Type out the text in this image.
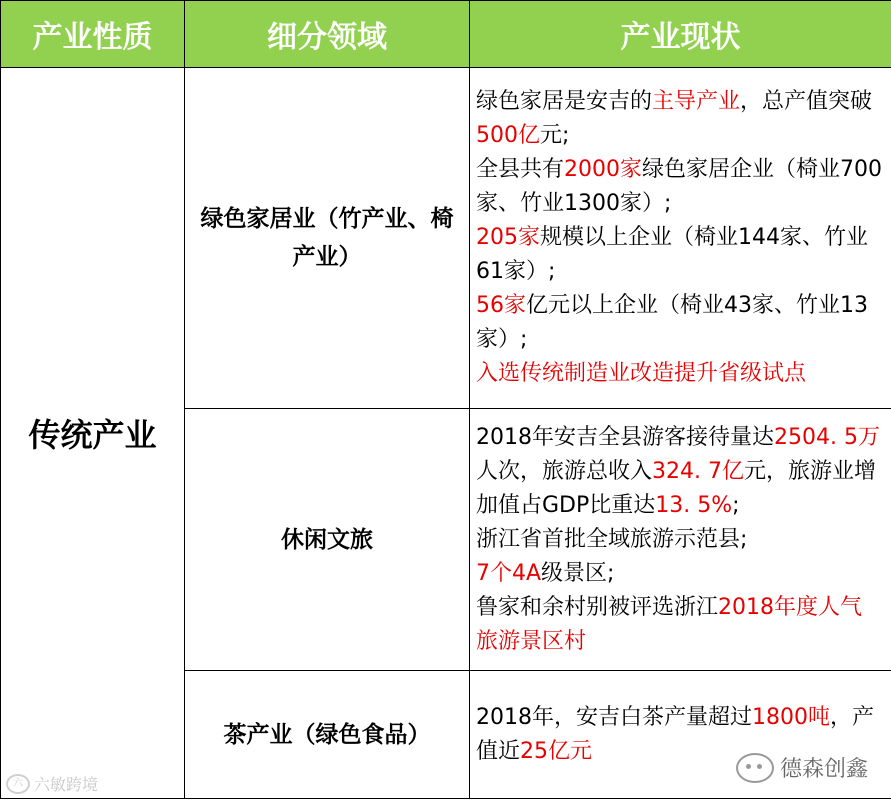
产业性质	细分领域	产业现状
传统产业	绿色家居业（竹产业、椅产业）	绿色家居是安吉的主导产业，总产值突破500亿元;
全县共有2000家绿色家居企业（椅业700家、竹业1300家）;
205家规模以上企业（椅业144家、竹业61家）;
56家亿元以上企业（椅业43家、竹业13家）;
入选传统制造业改造提升省级试点

	休闲文旅	2018年安吉全县游客接待量达2504. 5万人次，旅游总收入324. 7亿元，旅游业增加值占GDP比重达13. 5%;
浙江省首批全域旅游示范县;
7个4A级景区;
鲁家和余村别被评选浙江2018年度人气旅游景区村

	茶产业（绿色食品）	2018年，安吉白茶产量超过1800吨，产值近25亿元
六 六敏跨境
德森创鑫
